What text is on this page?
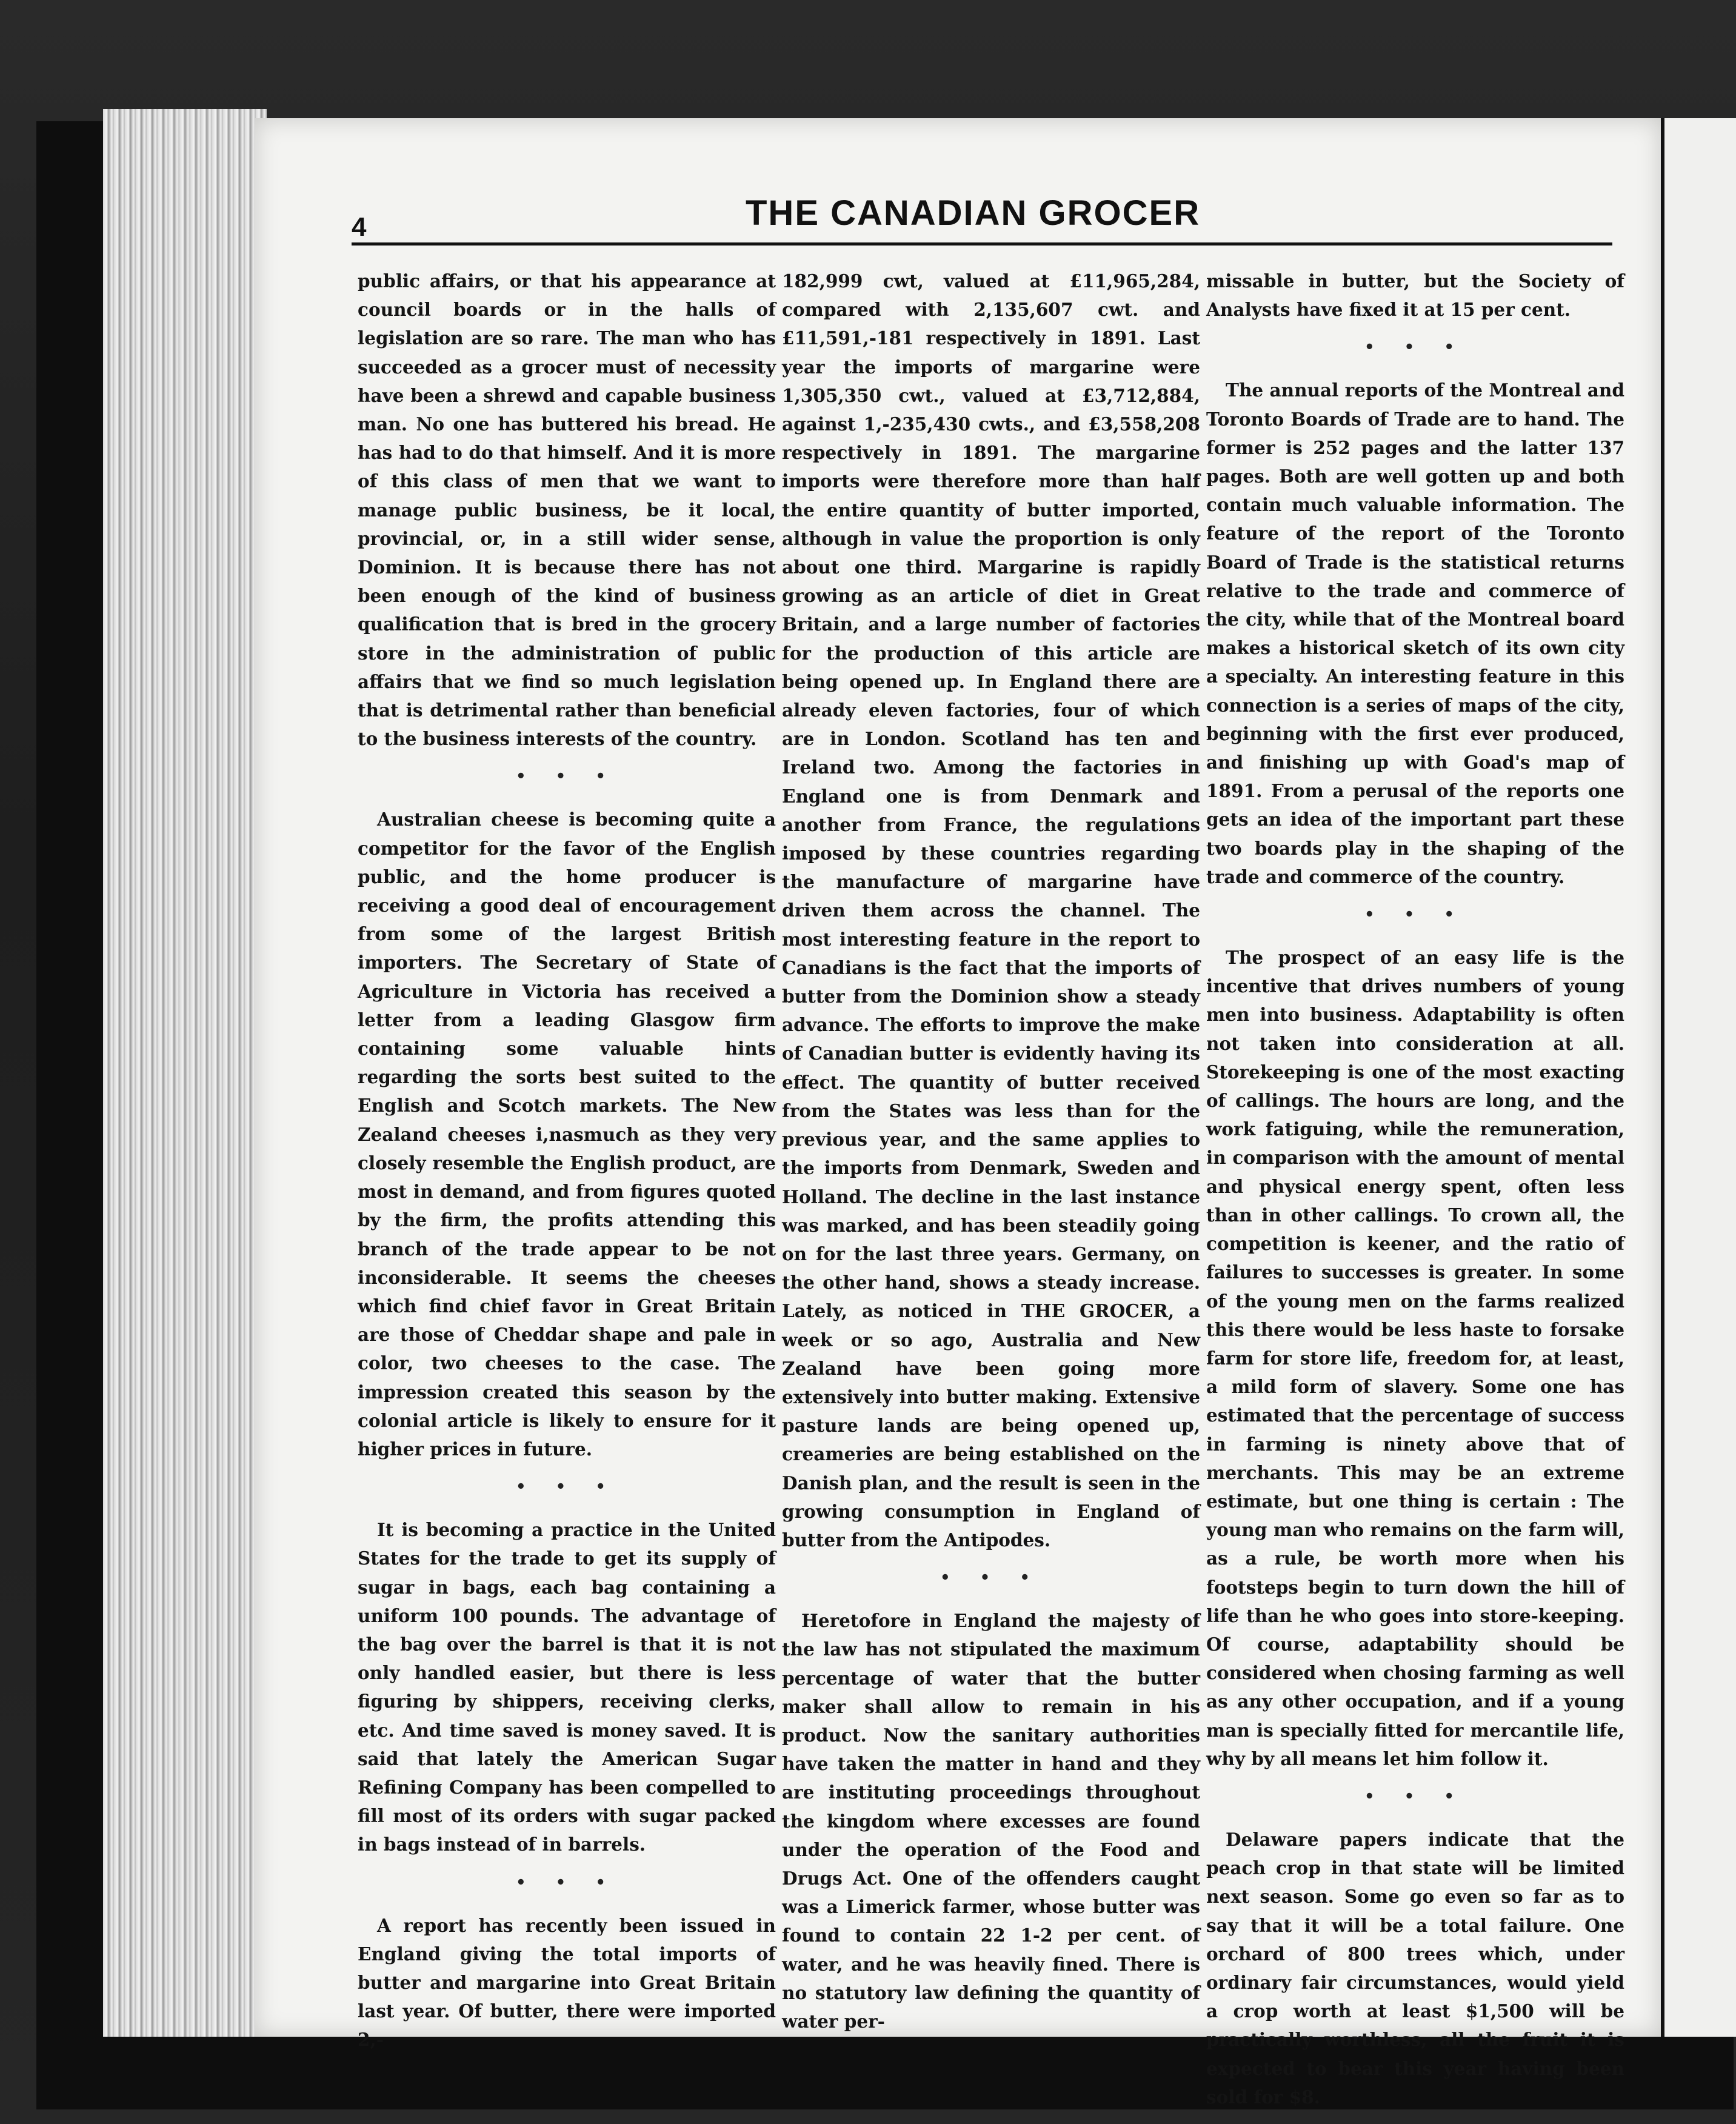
4	THE CANADIAN GROCER

public affairs, or that his appearance at council boards or in the halls of legislation are so rare. The man who has succeeded as a grocer must of necessity have been a shrewd and capable business man. No one has buttered his bread. He has had to do that himself. And it is more of this class of men that we want to manage public business, be it local, provincial, or, in a still wider sense, Dominion. It is because there has not been enough of the kind of business qualification that is bred in the grocery store in the administration of public affairs that we find so much legislation that is detrimental rather than beneficial to the business interests of the country.

• • •

Australian cheese is becoming quite a competitor for the favor of the English public, and the home producer is receiving a good deal of encouragement from some of the largest British importers. The Secretary of State of Agriculture in Victoria has received a letter from a leading Glasgow firm containing some valuable hints regarding the sorts best suited to the English and Scotch markets. The New Zealand cheeses i,nasmuch as they very closely resemble the English product, are most in demand, and from figures quoted by the firm, the profits attending this branch of the trade appear to be not inconsiderable. It seems the cheeses which find chief favor in Great Britain are those of Cheddar shape and pale in color, two cheeses to the case. The impression created this season by the colonial article is likely to ensure for it higher prices in future.

• • •

It is becoming a practice in the United States for the trade to get its supply of sugar in bags, each bag containing a uniform 100 pounds. The advantage of the bag over the barrel is that it is not only handled easier, but there is less figuring by shippers, receiving clerks, etc. And time saved is money saved. It is said that lately the American Sugar Refining Company has been compelled to fill most of its orders with sugar packed in bags instead of in barrels.

• • •

A report has recently been issued in England giving the total imports of butter and margarine into Great Britain last year. Of butter, there were imported 2,-

182,999 cwt, valued at £11,965,284, compared with 2,135,607 cwt. and £11,591,-181 respectively in 1891. Last year the imports of margarine were 1,305,350 cwt., valued at £3,712,884, against 1,-235,430 cwts., and £3,558,208 respectively in 1891. The margarine imports were therefore more than half the entire quantity of butter imported, although in value the proportion is only about one third. Margarine is rapidly growing as an article of diet in Great Britain, and a large number of factories for the production of this article are being opened up. In England there are already eleven factories, four of which are in London. Scotland has ten and Ireland two. Among the factories in England one is from Denmark and another from France, the regulations imposed by these countries regarding the manufacture of margarine have driven them across the channel. The most interesting feature in the report to Canadians is the fact that the imports of butter from the Dominion show a steady advance. The efforts to improve the make of Canadian butter is evidently having its effect. The quantity of butter received from the States was less than for the previous year, and the same applies to the imports from Denmark, Sweden and Holland. The decline in the last instance was marked, and has been steadily going on for the last three years. Germany, on the other hand, shows a steady increase. Lately, as noticed in THE GROCER, a week or so ago, Australia and New Zealand have been going more extensively into butter making. Extensive pasture lands are being opened up, creameries are being established on the Danish plan, and the result is seen in the growing consumption in England of butter from the Antipodes.

• • •

Heretofore in England the majesty of the law has not stipulated the maximum percentage of water that the butter maker shall allow to remain in his product. Now the sanitary authorities have taken the matter in hand and they are instituting proceedings throughout the kingdom where excesses are found under the operation of the Food and Drugs Act. One of the offenders caught was a Limerick farmer, whose butter was found to contain 22 1-2 per cent. of water, and he was heavily fined. There is no statutory law defining the quantity of water per-

missable in butter, but the Society of Analysts have fixed it at 15 per cent.

• • •

The annual reports of the Montreal and Toronto Boards of Trade are to hand. The former is 252 pages and the latter 137 pages. Both are well gotten up and both contain much valuable information. The feature of the report of the Toronto Board of Trade is the statistical returns relative to the trade and commerce of the city, while that of the Montreal board makes a historical sketch of its own city a specialty. An interesting feature in this connection is a series of maps of the city, beginning with the first ever produced, and finishing up with Goad's map of 1891. From a perusal of the reports one gets an idea of the important part these two boards play in the shaping of the trade and commerce of the country.

• • •

The prospect of an easy life is the incentive that drives numbers of young men into business. Adaptability is often not taken into consideration at all. Storekeeping is one of the most exacting of callings. The hours are long, and the work fatiguing, while the remuneration, in comparison with the amount of mental and physical energy spent, often less than in other callings. To crown all, the competition is keener, and the ratio of failures to successes is greater. In some of the young men on the farms realized this there would be less haste to forsake farm for store life, freedom for, at least, a mild form of slavery. Some one has estimated that the percentage of success in farming is ninety above that of merchants. This may be an extreme estimate, but one thing is certain : The young man who remains on the farm will, as a rule, be worth more when his footsteps begin to turn down the hill of life than he who goes into store-keeping. Of course, adaptability should be considered when chosing farming as well as any other occupation, and if a young man is specially fitted for mercantile life, why by all means let him follow it.

• • •

Delaware papers indicate that the peach crop in that state will be limited next season. Some go even so far as to say that it will be a total failure. One orchard of 800 trees which, under ordinary fair circumstances, would yield a crop worth at least $1,500 will be practically worthless, all the fruit it is expected to bear this year having been sold for $8.
